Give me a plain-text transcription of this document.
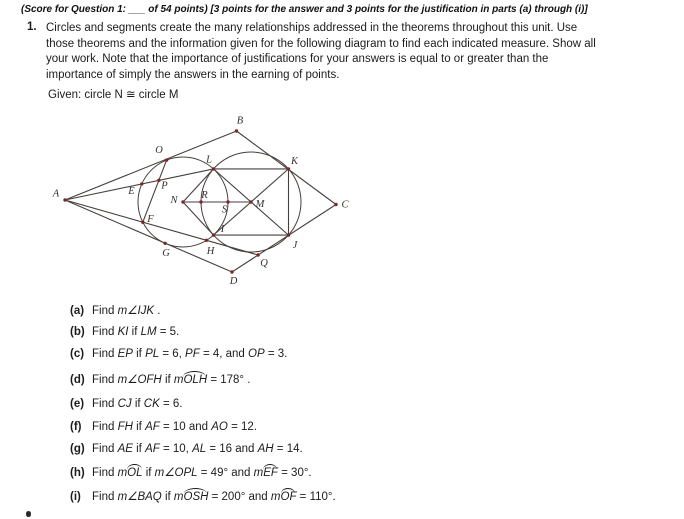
(Score for Question 1: ___ of 54 points) [3 points for the answer and 3 points for the justification in parts (a) through (i)]
1. Circles and segments create the many relationships addressed in the theorems throughout this unit. Use
those theorems and the information given for the following diagram to find each indicated measure. Show all
your work. Note that the importance of justifications for your answers is equal to or greater than the
importance of simply the answers in the earning of points.
Given: circle N ≅ circle M
A
B
C
D
O
E	P
F
G
N R
S	M
L	K
I
J
H
Q
(a) Find m∠IJK .
(b) Find KI if LM = 5.
(c) Find EP if PL = 6, PF = 4, and OP = 3.
(d) Find m∠OFH if mOLH = 178° .
(e) Find CJ if CK = 6.
(f) Find FH if AF = 10 and AO = 12.
(g) Find AE if AF = 10, AL = 16 and AH = 14.
(h) Find mOL if m∠OPL = 49° and mEF = 30°.
(i) Find m∠BAQ if mOSH = 200° and mOF = 110°.
